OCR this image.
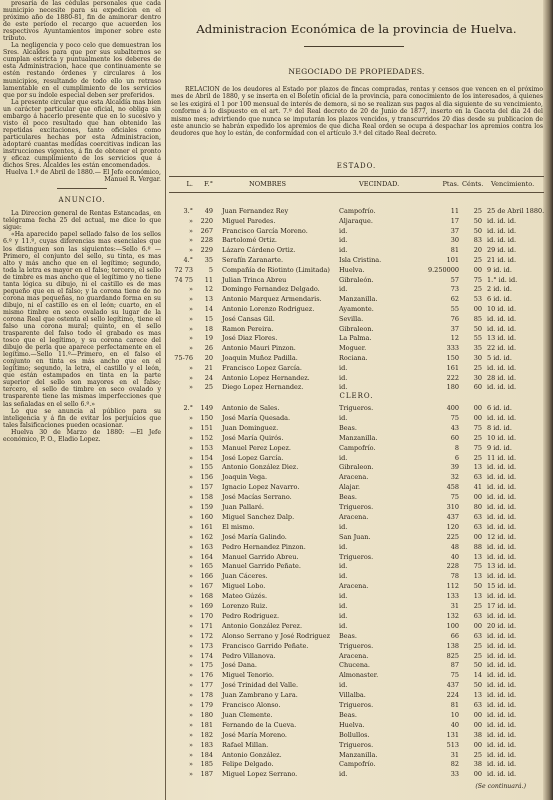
presaria de las cédulas personales que cada municipio necesite para su expedicion en el próximo año de 1880-81, fin de aminorar dentro de este período el recargo que acuerden los respectivos Ayuntamientos imponer sobre este tributo.

La negligencia y poco celo que demuestran los Sres. Alcaldes para que por sus subalternos se cumplan estricta y puntualmente los deberes de esta Administracion, hace que continuamente se estén restando órdenes y circulares á los municipios, resultando de todo ello un retraso lamentable en el cumplimiento de los servicios que por su índole especial deben ser preferidos.

La presente circular que esta Alcaldía mas bien un carácter particular que oficial, no obliga sin embargo á hacerlo presente que en lo sucesivo y visto el poco resultado que han obtenido las repetidas excitaciones, tanto oficiales como particulares hechas por esta Administracion, adoptaré cuantas medidas coercitivas indican las instrucciones vigentes, á fin de obtener el pronto y eficaz cumplimiento de los servicios que á dichos Sres. Alcaldes les están encomendados.

Huelva 1.º de Abril de 1880.— El Jefe económico, Manuel R. Vergar.

ANUNCIO.

La Direccion general de Rentas Estancadas, en telégrama fecha 25 del actual, me dice lo que sigue:

«Ha aparecido papel sellado falso de los sellos 6.º y 11.º, cuyas diferencias mas esenciales que los distinguen son las siguientes:—Sello 6.º —Primero, el conjunto del sello, su tinta, es mas alto y más ancho que en el legítimo; segundo, toda la letra es mayor en el falso; tercero, el sello de timbre es mas ancho que el legítimo y no tiene tanta lógica su dibujo, ni el castillo es de mas pequeño que en el falso; y la corona tiene de no corona mas pequeñas, no guardando forma en su dibujo, ni el castillo es en el león; cuarto, en el mismo timbre en seco ovalado su lugar de la corona Real que ostenta el sello legítimo, tiene el falso una corona mural; quinto, en el sello trasparente del falso todo el grabado es mas tosco que el legítimo, y su corona carece del dibujo de perla que aparece perfectamente en el legítimo.—Sello 11.º—Primero, en el falso el conjunto en tinta es más ancho que en el legítimo; segundo, la letra, el castillo y el león, que están estampados en tinta en la parte superior del sello son mayores en el falso; tercero, el sello de timbre en seco ovalado y trasparente tiene las mismas imperfecciones que las señaladas en el sello 6.º.»

Lo que se anuncia al público para su inteligencia y á fin de evitar los perjuicios que tales falsificaciones pueden ocasionar.

Huelva 30 de Marzo de 1880: —El Jefe económico, P. O., Eladio Lopez.

Administracion Económica de la provincia de Huelva.
NEGOCIADO DE PROPIEDADES.
RELACION de los deudores al Estado por plazos de fincas compradas, rentas y censos que vencen en el próximo mes de Abril de 1880, y se inserta en el Boletín oficial de la provincia, para conocimiento de los interesados, á quienes se les exigirá el 1 por 100 mensual de interés de demora, si no se realizan sus pagos al dia siguiente de su vencimiento, conforme á lo dispuesto en el art. 7.º del Real decreto de 20 de Junio de 1877, inserto en la Gaceta del dia 24 del mismo mes; advirtiendo que nunca se imputarán los plazos vencidos, y transcurridos 20 dias desde su publicacion de este anuncio se habrán expedido los apremios de que dicha Real orden se ocupa á despachar los apremios contra los deudores que hoy lo están, de conformidad con el artículo 3.º del citado Real decreto.
ESTADO.
L.	F.°	NOMBRES	VECINDAD.	Ptas. Cénts. Vencimiento.
3.°	49 Juan Fernandez Rey	Campofrío.	11	25 25 de Abril 1880.
»	220 Miguel Paredes.	Aljaraque.	17	50 id. id. id.
»	267 Francisco García Moreno.	id.	37	50 id. id. id.
»	228 Bartolomé Ortiz.	id.	30	83 id. id. id.
»	229 Lázaro Cárdeno Ortiz.	id.	81	20 29 id. id.
4.°	35 Serafín Zaranarte.	Isla Cristina.	101	25 21 id. id.
72 73	5 Compañía de Riotinto (Limitada)	Huelva.	9.250000	00 9 id. id.
74 75	11 Julian Trinca Abreu	Gibraleón.	57	75 1.° id. id.
»	12 Domingo Fernandez Delgado.	id.	73	25 2 id. id.
»	13 Antonio Marquez Armendaris.	Manzanilla.	62	53 6 id. id.
»	14 Antonio Lorenzo Rodriguez.	Ayamonte.	55	00 10 id. id.
»	15 José Cansas Gil.	Sevilla.	76	85 id. id. id.
»	18 Ramon Pereira.	Gibraleon.	37	50 id. id. id.
»	19 José Diaz Flores.	La Palma.	12	55 13 id. id.
»	26 Antonio Mauri Pinzon.	Moguer.	333	35 22 id. id.
75-76	20 Joaquin Muñoz Padilla.	Rociana.	150	30 5 id. id.
»	21 Francisco Lopez García.	id.	161	25 id. id. id.
»	24 Antonio Lopez Hernandez.	id.	222	30 28 id. id.
»	25 Diego Lopez Hernandez.	id.	180	60 id. id. id.
CLERO.
2.°	149 Antonio de Sales.	Trigueros.	400	00 6 id. id.
»	150 José María Quesada.	id.	75	00 id. id. id.
»	151 Juan Dominguez.	Beas.	43	75 8 id. id.
»	152 José María Quirós.	Manzanilla.	60	25 10 id. id.
»	153 Manuel Perez Lopez.	Campofrío.	8	75 9 id. id.
»	154 José Lopez García.	id.	6	25 11 id. id.
»	155 Antonio González Diez.	Gibraleon.	39	13 id. id. id.
»	156 Joaquin Vega.	Aracena.	32	63 id. id. id.
»	157 Ignacio Lopez Navarro.	Alajar.	458	41 id. id. id.
»	158 José Macías Serrano.	Beas.	75	00 id. id. id.
»	159 Juan Pallaré.	Trigueros.	310	80 id. id. id.
»	160 Miguel Sanchez Dalp.	Aracena.	437	63 id. id. id.
»	161 El mismo.	id.	120	63 id. id. id.
»	162 José María Galindo.	San Juan.	225	00 12 id. id.
»	163 Pedro Hernandez Pinzon.	id.	48	88 id. id. id.
»	164 Manuel Garrido Abreu.	Trigueros.	40	13 id. id. id.
»	165 Manuel Garrido Peñate.	id.	228	75 13 id. id.
»	166 Juan Cáceres.	id.	78	13 id. id. id.
»	167 Miguel Lobo.	Aracena.	112	50 15 id. id.
»	168 Mateo Gúzés.	id.	133	13 id. id. id.
»	169 Lorenzo Ruiz.	id.	31	25 17 id. id.
»	170 Pedro Rodriguez.	id.	132	63 id. id. id.
»	171 Antonio González Perez.	id.	100	00 20 id. id.
»	172 Alonso Serrano y José Rodriguez	Beas.	66	63 id. id. id.
»	173 Francisco Garrido Peñate.	Trigueros.	138	25 id. id. id.
»	174 Pedro Villanova.	Aracena.	825	25 id. id. id.
»	175 José Dana.	Chucena.	87	50 id. id. id.
»	176 Miguel Tenorio.	Almonaster.	75	14 id. id. id.
»	177 José Trinidad del Valle.	id.	437	50 id. id. id.
»	178 Juan Zambrano y Lara.	Villalba.	224	13 id. id. id.
»	179 Francisco Alonso.	Trigueros.	81	63 id. id. id.
»	180 Juan Clemente.	Beas.	10	00 id. id. id.
»	181 Fernando de la Cueva.	Huelva.	40	00 id. id. id.
»	182 José María Moreno.	Bollullos.	131	38 id. id. id.
»	183 Rafael Millan.	Trigueros.	513	00 id. id. id.
»	184 Antonio González.	Manzanilla.	31	25 id. id. id.
»	185 Felipe Delgado.	Campofrío.	82	38 id. id. id.
»	187 Miguel Lopez Serrano.	id.	33	00 id. id. id.
(Se continuará.)
